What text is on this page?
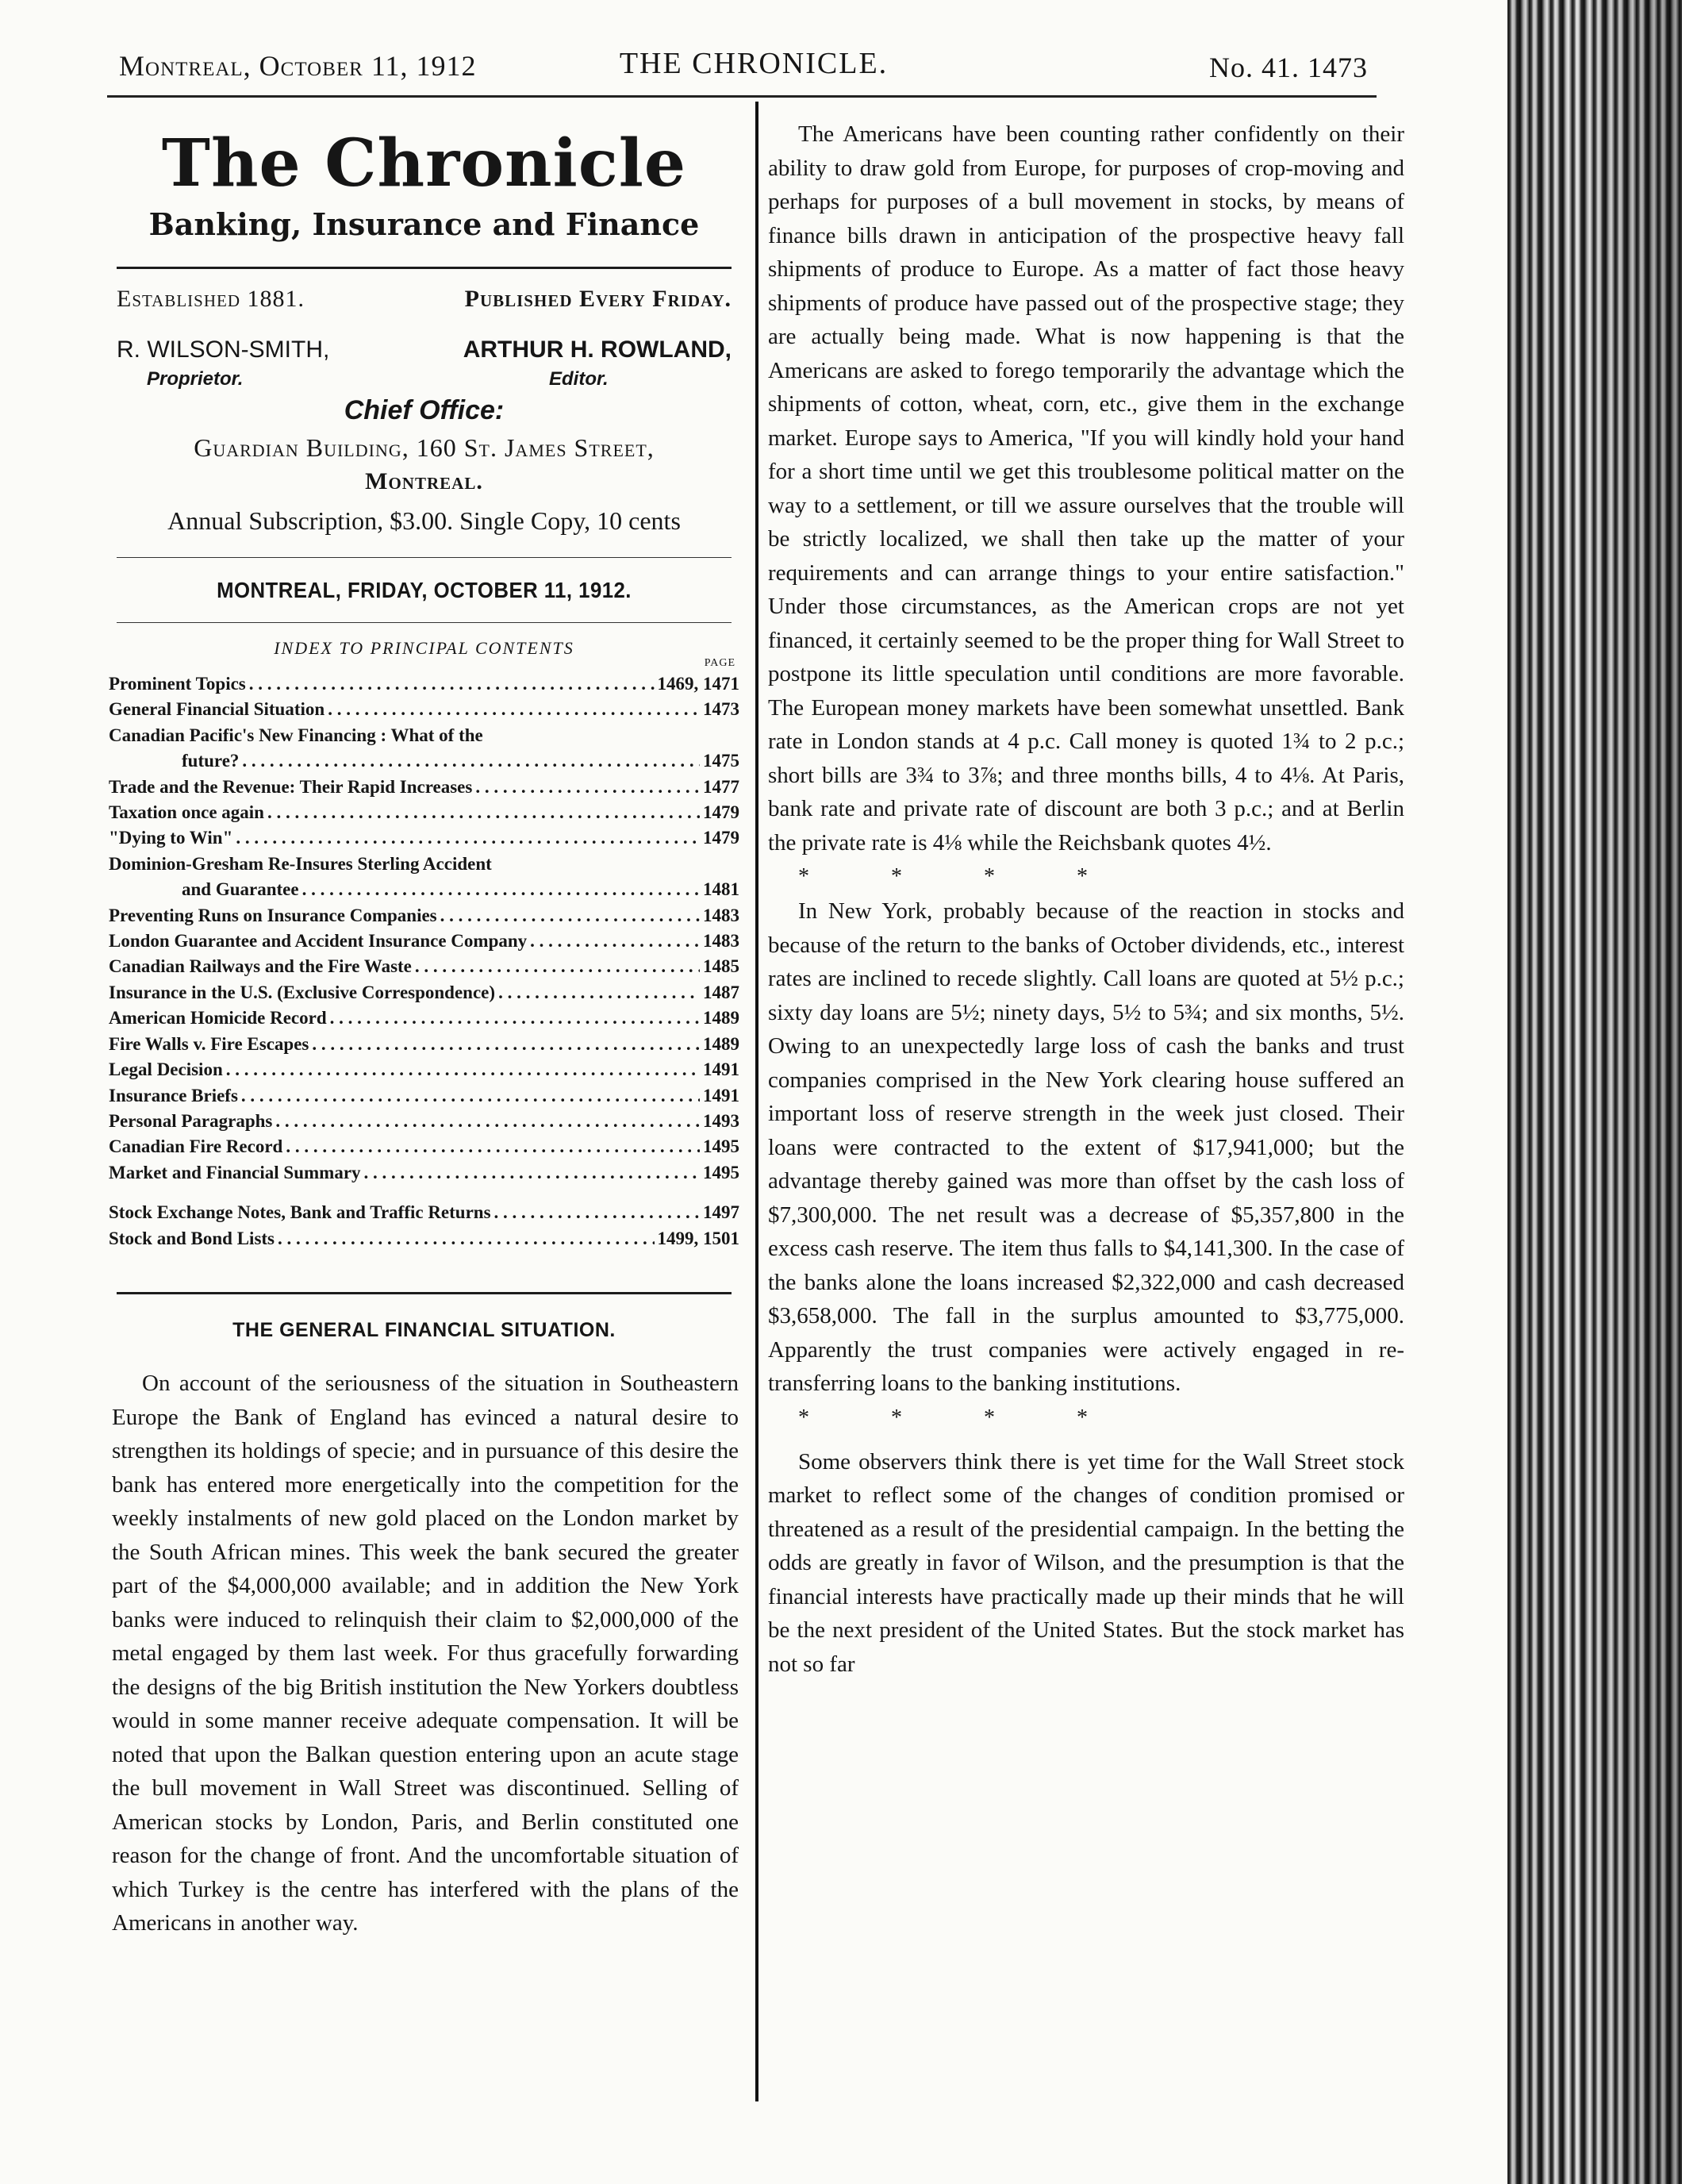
Montreal, October 11, 1912	THE CHRONICLE.	No. 41. 1473
The Chronicle
Banking, Insurance and Finance
Established 1881.	Published Every Friday.
R. WILSON-SMITH,	ARTHUR H. ROWLAND,
Proprietor.	Editor.
Chief Office:
Guardian Building, 160 St. James Street,
Montreal.
Annual Subscription, $3.00. Single Copy, 10 cents
MONTREAL, FRIDAY, OCTOBER 11, 1912.
INDEX TO PRINCIPAL CONTENTS
PAGE
Prominent Topics . . .	1469, 1471
General Financial Situation . . .	1473
Canadian Pacific's New Financing : What of the
future? . . .	1475
Trade and the Revenue: Their Rapid Increases . . .	1477
Taxation once again . . .	1479
"Dying to Win" . . .	1479
Dominion-Gresham Re-Insures Sterling Accident
and Guarantee . . .	1481
Preventing Runs on Insurance Companies . . .	1483
London Guarantee and Accident Insurance Company . . .	1483
Canadian Railways and the Fire Waste . . .	1485
Insurance in the U.S. (Exclusive Correspondence) . . .	1487
American Homicide Record . . .	1489
Fire Walls v. Fire Escapes . . .	1489
Legal Decision . . .	1491
Insurance Briefs . . .	1491
Personal Paragraphs . . .	1493
Canadian Fire Record . . .	1495
Market and Financial Summary . . .	1495
Stock Exchange Notes, Bank and Traffic Returns . . .	1497
Stock and Bond Lists . . .	1499, 1501
THE GENERAL FINANCIAL SITUATION.

On account of the seriousness of the situation in Southeastern Europe the Bank of England has evinced a natural desire to strengthen its holdings of specie; and in pursuance of this desire the bank has entered more energetically into the competition for the weekly instalments of new gold placed on the London market by the South African mines. This week the bank secured the greater part of the $4,000,000 available; and in addition the New York banks were induced to relinquish their claim to $2,000,000 of the metal engaged by them last week. For thus gracefully forwarding the designs of the big British institution the New Yorkers doubtless would in some manner receive adequate compensation. It will be noted that upon the Balkan question entering upon an acute stage the bull movement in Wall Street was discontinued. Selling of American stocks by London, Paris, and Berlin constituted one reason for the change of front. And the uncomfortable situation of which Turkey is the centre has interfered with the plans of the Americans in another way.

The Americans have been counting rather confidently on their ability to draw gold from Europe, for purposes of crop-moving and perhaps for purposes of a bull movement in stocks, by means of finance bills drawn in anticipation of the prospective heavy fall shipments of produce to Europe. As a matter of fact those heavy shipments of produce have passed out of the prospective stage; they are actually being made. What is now happening is that the Americans are asked to forego temporarily the advantage which the shipments of cotton, wheat, corn, etc., give them in the exchange market. Europe says to America, "If you will kindly hold your hand for a short time until we get this troublesome political matter on the way to a settlement, or till we assure ourselves that the trouble will be strictly localized, we shall then take up the matter of your requirements and can arrange things to your entire satisfaction." Under those circumstances, as the American crops are not yet financed, it certainly seemed to be the proper thing for Wall Street to postpone its little speculation until conditions are more favorable. The European money markets have been somewhat unsettled. Bank rate in London stands at 4 p.c. Call money is quoted 1¾ to 2 p.c.; short bills are 3¾ to 3⅞; and three months bills, 4 to 4⅛. At Paris, bank rate and private rate of discount are both 3 p.c.; and at Berlin the private rate is 4⅛ while the Reichsbank quotes 4½.

* * * *

In New York, probably because of the reaction in stocks and because of the return to the banks of October dividends, etc., interest rates are inclined to recede slightly. Call loans are quoted at 5½ p.c.; sixty day loans are 5½; ninety days, 5½ to 5¾; and six months, 5½. Owing to an unexpectedly large loss of cash the banks and trust companies comprised in the New York clearing house suffered an important loss of reserve strength in the week just closed. Their loans were contracted to the extent of $17,941,000; but the advantage thereby gained was more than offset by the cash loss of $7,300,000. The net result was a decrease of $5,357,800 in the excess cash reserve. The item thus falls to $4,141,300. In the case of the banks alone the loans increased $2,322,000 and cash decreased $3,658,000. The fall in the surplus amounted to $3,775,000. Apparently the trust companies were actively engaged in re-transferring loans to the banking institutions.

* * * *

Some observers think there is yet time for the Wall Street stock market to reflect some of the changes of condition promised or threatened as a result of the presidential campaign. In the betting the odds are greatly in favor of Wilson, and the presumption is that the financial interests have practically made up their minds that he will be the next president of the United States. But the stock market has not so far
